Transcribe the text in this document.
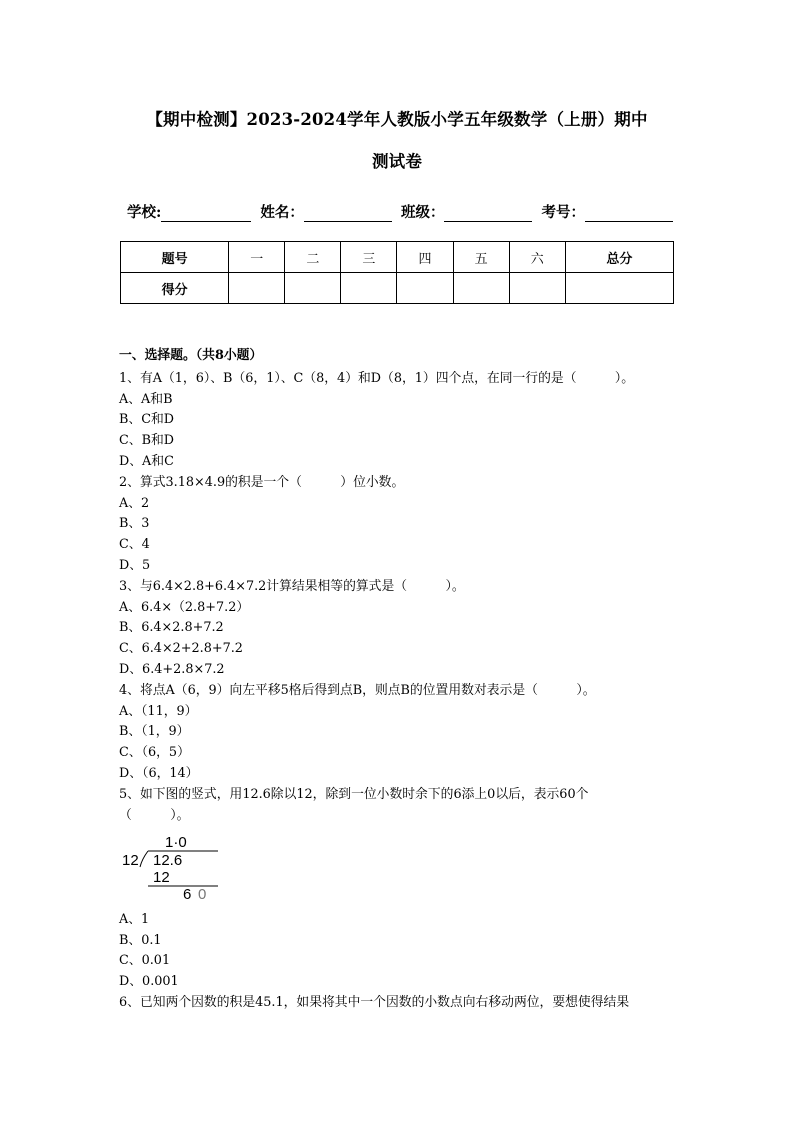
【期中检测】2023-2024学年人教版小学五年级数学（上册）期中
测试卷
学校:	姓名：	班级：	考号：
题号	一	二	三	四	五	六	总分
得分							
一、选择题。（共8小题）
1、有A（1，6）、B（6，1）、C（8，4）和D（8，1）四个点，在同一行的是（　　　）。
A、A和B
B、C和D
C、B和D
D、A和C
2、算式3.18×4.9的积是一个（　　　）位小数。
A、2
B、3
C、4
D、5
3、与6.4×2.8+6.4×7.2计算结果相等的算式是（　　　）。
A、6.4×（2.8+7.2）
B、6.4×2.8+7.2
C、6.4×2+2.8+7.2
D、6.4+2.8×7.2
4、将点A（6，9）向左平移5格后得到点B，则点B的位置用数对表示是（　　　）。
A、（11，9）
B、（1，9）
C、（6，5）
D、（6，14）
5、如下图的竖式，用12.6除以12，除到一位小数时余下的6添上0以后，表示60个
（　　　）。
1·0
12 12.6
12
6 0
A、1
B、0.1
C、0.01
D、0.001
6、已知两个因数的积是45.1，如果将其中一个因数的小数点向右移动两位，要想使得结果
